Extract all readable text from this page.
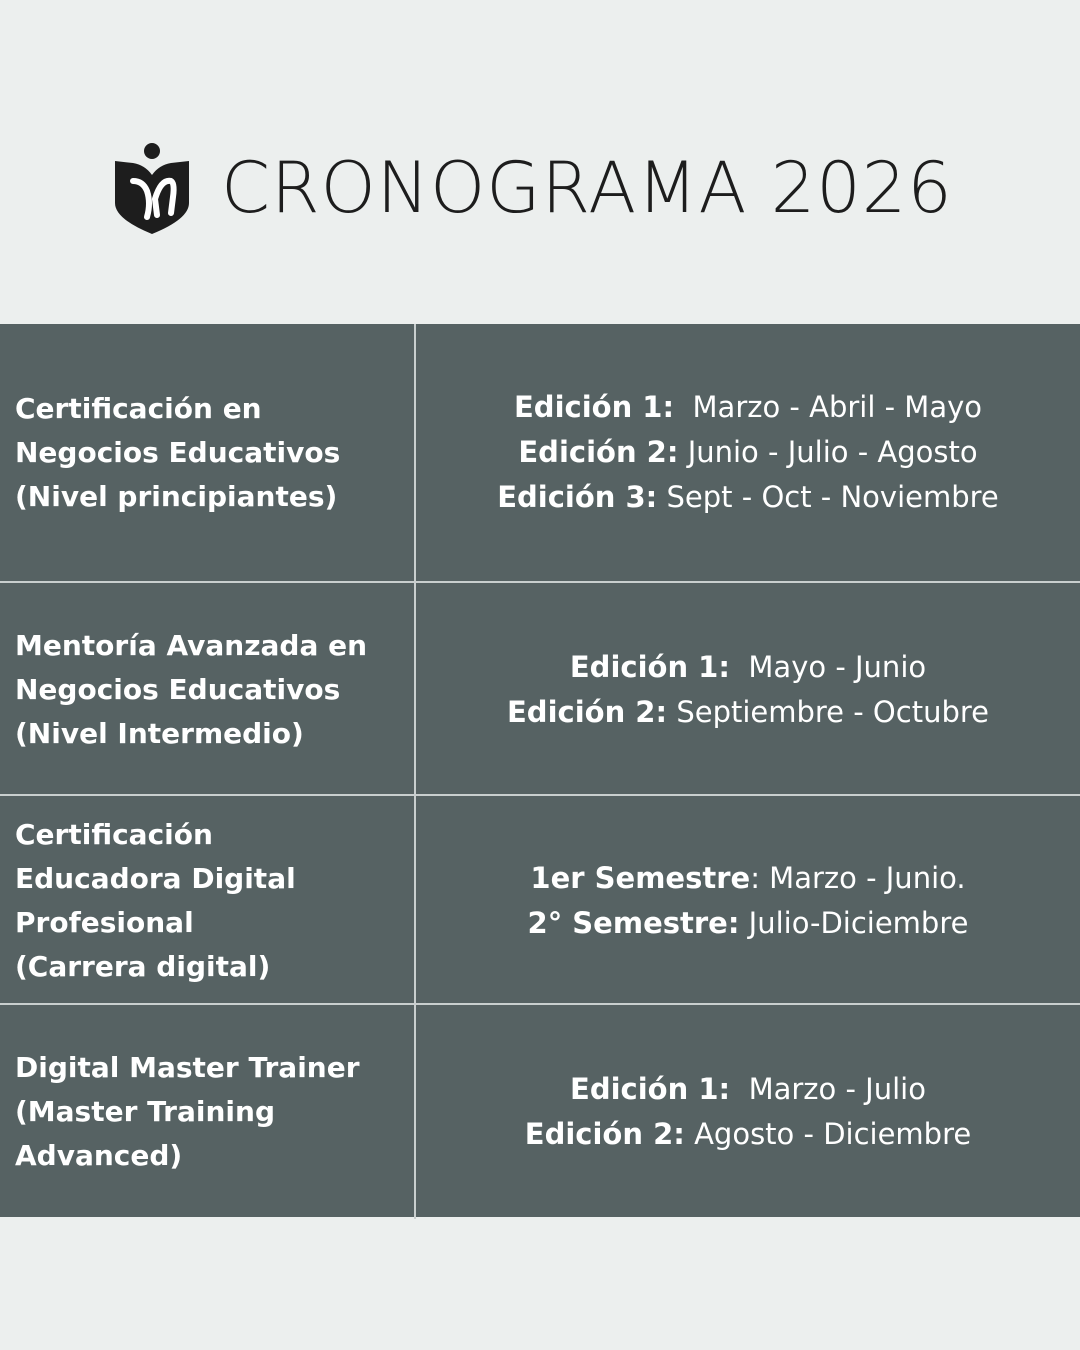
CRONOGRAMA 2026
Certificación en
Negocios Educativos
(Nivel principiantes)
Edición 1: Marzo - Abril - Mayo
Edición 2: Junio - Julio - Agosto
Edición 3: Sept - Oct - Noviembre
Mentoría Avanzada en
Negocios Educativos
(Nivel Intermedio)
Edición 1: Mayo - Junio
Edición 2: Septiembre - Octubre
Certificación
Educadora Digital
Profesional
(Carrera digital)
1er Semestre: Marzo - Junio.
2° Semestre: Julio-Diciembre
Digital Master Trainer
(Master Training
Advanced)
Edición 1: Marzo - Julio
Edición 2: Agosto - Diciembre
